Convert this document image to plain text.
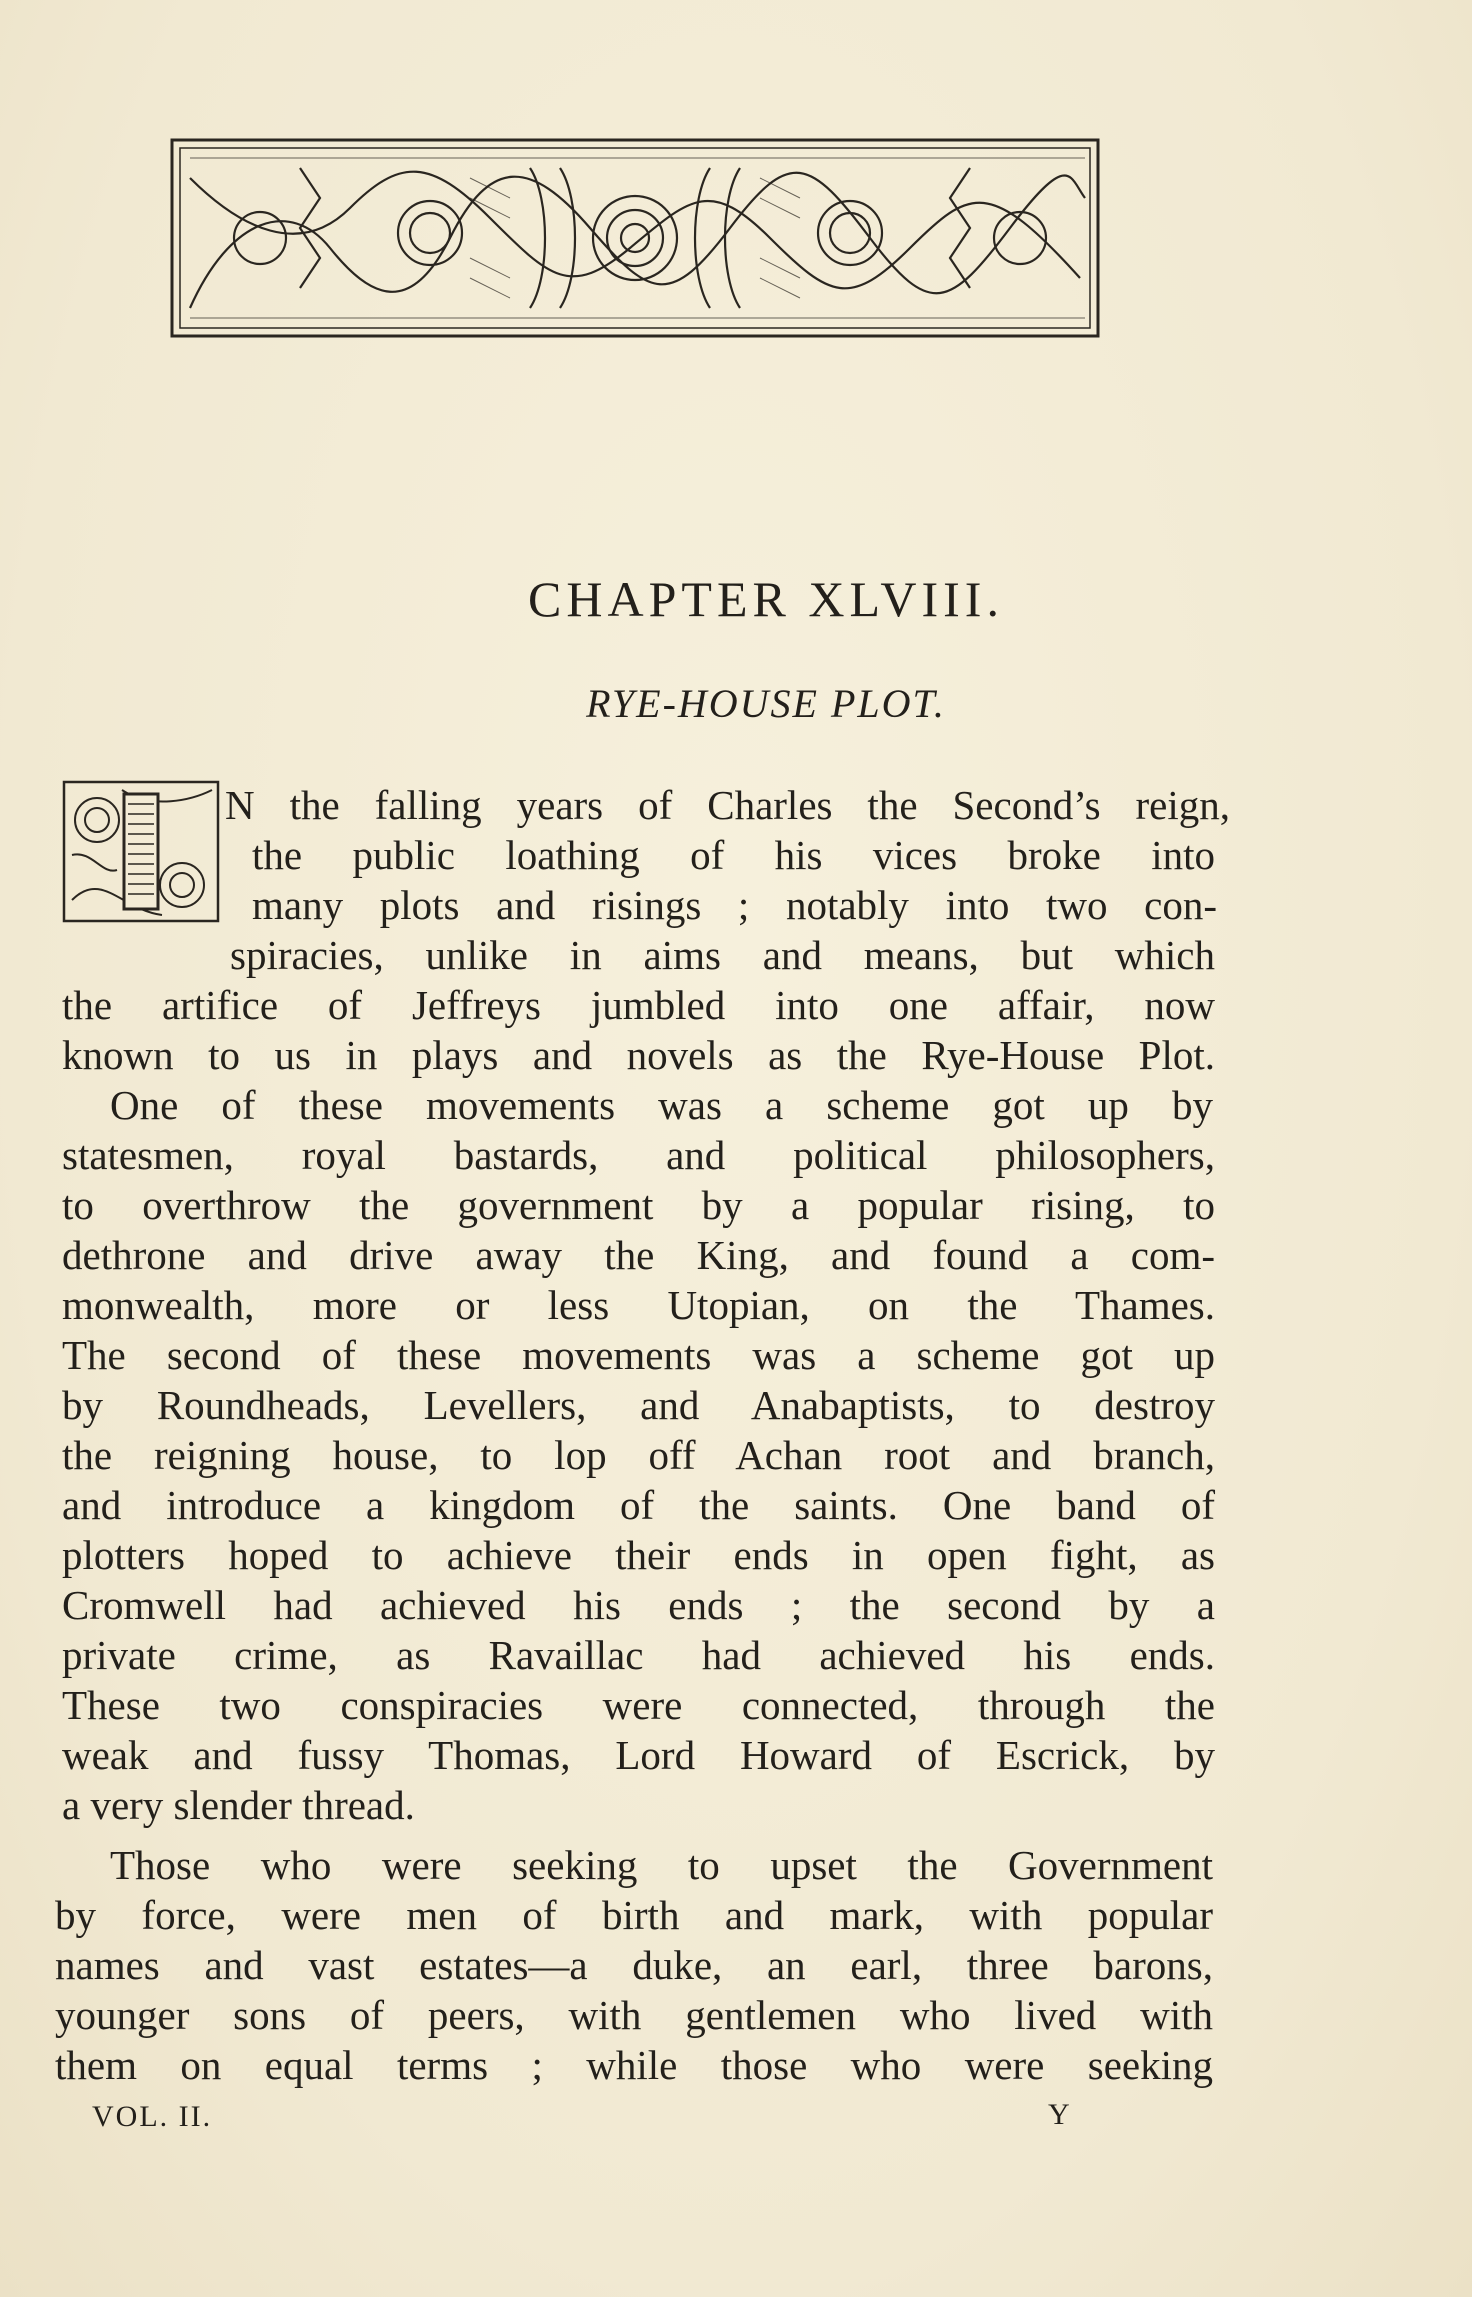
CHAPTER XLVIII.
RYE-HOUSE PLOT.
N the falling years of Charles the Second’s reign,
the public loathing of his vices broke into
many plots and risings ; notably into two con-
spiracies, unlike in aims and means, but which
the artifice of Jeffreys jumbled into one affair, now
known to us in plays and novels as the Rye-House Plot.
One of these movements was a scheme got up by
statesmen, royal bastards, and political philosophers,
to overthrow the government by a popular rising, to
dethrone and drive away the King, and found a com-
monwealth, more or less Utopian, on the Thames.
The second of these movements was a scheme got up
by Roundheads, Levellers, and Anabaptists, to destroy
the reigning house, to lop off Achan root and branch,
and introduce a kingdom of the saints. One band of
plotters hoped to achieve their ends in open fight, as
Cromwell had achieved his ends ; the second by a
private crime, as Ravaillac had achieved his ends.
These two conspiracies were connected, through the
weak and fussy Thomas, Lord Howard of Escrick, by
a very slender thread.
Those who were seeking to upset the Government
by force, were men of birth and mark, with popular
names and vast estates—a duke, an earl, three barons,
younger sons of peers, with gentlemen who lived with
them on equal terms ; while those who were seeking
VOL. II.	Y
